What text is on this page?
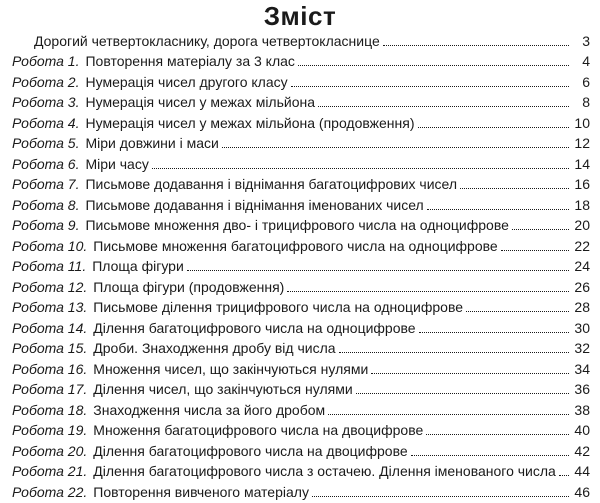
Зміст
Дорогий четвертокласнику, дорога четвертокласнице	3
Робота 1. Повторення матеріалу за 3 клас	4
Робота 2. Нумерація чисел другого класу	6
Робота 3. Нумерація чисел у межах мільйона	8
Робота 4. Нумерація чисел у межах мільйона (продовження)	10
Робота 5. Міри довжини і маси	12
Робота 6. Міри часу	14
Робота 7. Письмове додавання і віднімання багатоцифрових чисел	16
Робота 8. Письмове додавання і віднімання іменованих чисел	18
Робота 9. Письмове множення дво- і трицифрового числа на одноцифрове	20
Робота 10. Письмове множення багатоцифрового числа на одноцифрове	22
Робота 11. Площа фігури	24
Робота 12. Площа фігури (продовження)	26
Робота 13. Письмове ділення трицифрового числа на одноцифрове	28
Робота 14. Ділення багатоцифрового числа на одноцифрове	30
Робота 15. Дроби. Знаходження дробу від числа	32
Робота 16. Множення чисел, що закінчуються нулями	34
Робота 17. Ділення чисел, що закінчуються нулями	36
Робота 18. Знаходження числа за його дробом	38
Робота 19. Множення багатоцифрового числа на двоцифрове	40
Робота 20. Ділення багатоцифрового числа на двоцифрове	42
Робота 21. Ділення багатоцифрового числа з остачею. Ділення іменованого числа 44
Робота 22. Повторення вивченого матеріалу	46
